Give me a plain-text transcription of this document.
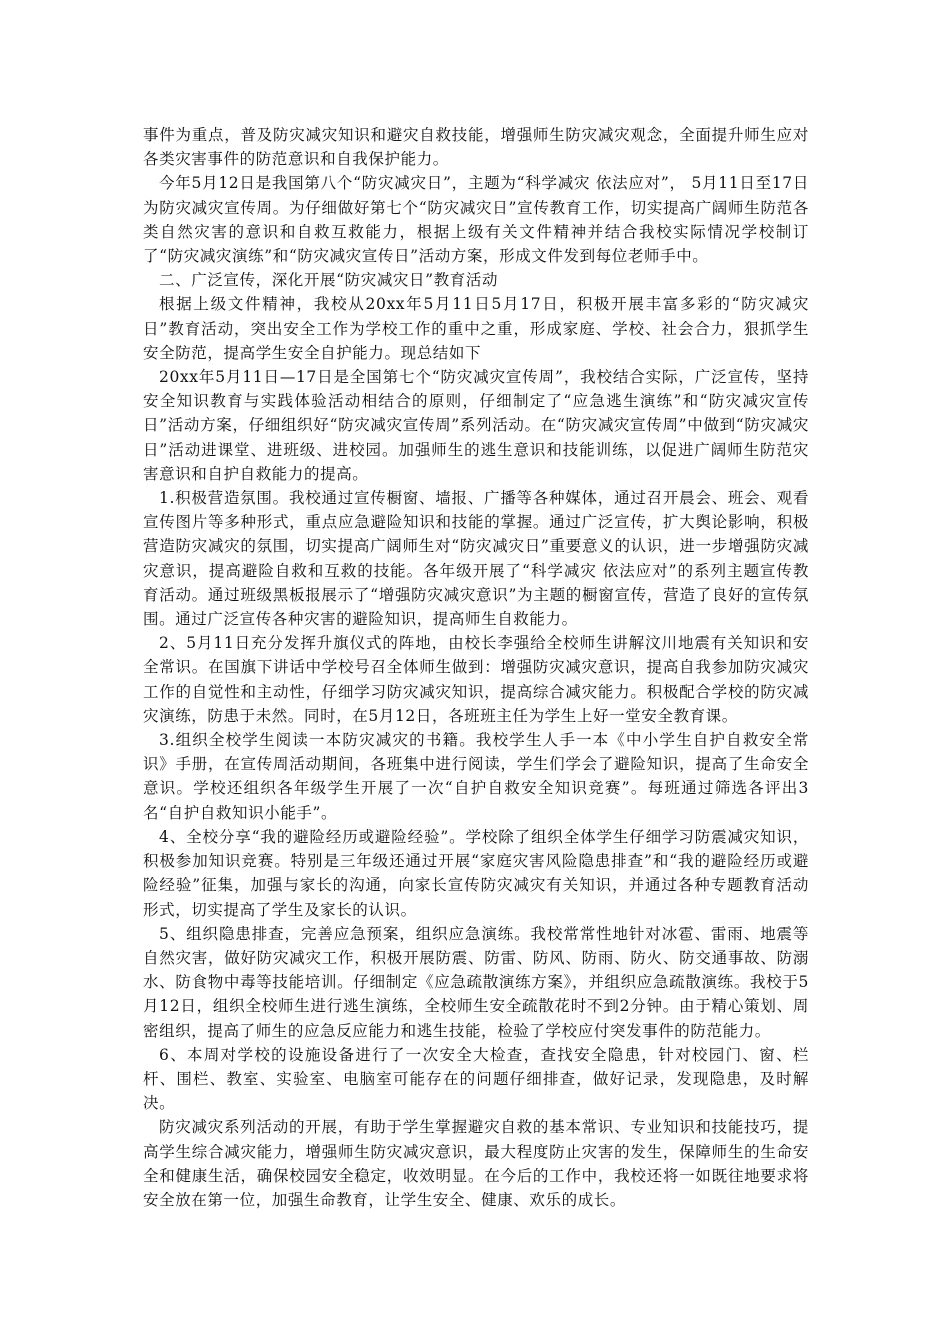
事件为重点，普及防灾减灾知识和避灾自救技能，增强师生防灾减灾观念，全面提升师生应对各类灾害事件的防范意识和自我保护能力。

今年5月12日是我国第八个“防灾减灾日”，主题为“科学减灾 依法应对”， 5月11日至17日为防灾减灾宣传周。为仔细做好第七个“防灾减灾日”宣传教育工作，切实提高广阔师生防范各类自然灾害的意识和自救互救能力，根据上级有关文件精神并结合我校实际情况学校制订了“防灾减灾演练”和“防灾减灾宣传日”活动方案，形成文件发到每位老师手中。

二、广泛宣传，深化开展“防灾减灾日”教育活动

根据上级文件精神，我校从20xx年5月11日5月17日，积极开展丰富多彩的“防灾减灾日”教育活动，突出安全工作为学校工作的重中之重，形成家庭、学校、社会合力，狠抓学生安全防范，提高学生安全自护能力。现总结如下

20xx年5月11日—17日是全国第七个“防灾减灾宣传周”，我校结合实际，广泛宣传，坚持安全知识教育与实践体验活动相结合的原则，仔细制定了“应急逃生演练”和“防灾减灾宣传日”活动方案，仔细组织好“防灾减灾宣传周”系列活动。在“防灾减灾宣传周”中做到“防灾减灾日”活动进课堂、进班级、进校园。加强师生的逃生意识和技能训练，以促进广阔师生防范灾害意识和自护自救能力的提高。

1.积极营造氛围。我校通过宣传橱窗、墙报、广播等各种媒体，通过召开晨会、班会、观看宣传图片等多种形式，重点应急避险知识和技能的掌握。通过广泛宣传，扩大舆论影响，积极营造防灾减灾的氛围，切实提高广阔师生对“防灾减灾日”重要意义的认识，进一步增强防灾减灾意识，提高避险自救和互救的技能。各年级开展了“科学减灾 依法应对”的系列主题宣传教育活动。通过班级黑板报展示了“增强防灾减灾意识”为主题的橱窗宣传，营造了良好的宣传氛围。通过广泛宣传各种灾害的避险知识，提高师生自救能力。

2、5月11日充分发挥升旗仪式的阵地，由校长李强给全校师生讲解汶川地震有关知识和安全常识。在国旗下讲话中学校号召全体师生做到：增强防灾减灾意识，提高自我参加防灾减灾工作的自觉性和主动性，仔细学习防灾减灾知识，提高综合减灾能力。积极配合学校的防灾减灾演练，防患于未然。同时，在5月12日，各班班主任为学生上好一堂安全教育课。

3.组织全校学生阅读一本防灾减灾的书籍。我校学生人手一本《中小学生自护自救安全常识》手册，在宣传周活动期间，各班集中进行阅读，学生们学会了避险知识，提高了生命安全意识。学校还组织各年级学生开展了一次“自护自救安全知识竞赛”。每班通过筛选各评出3名“自护自救知识小能手”。

4、全校分享“我的避险经历或避险经验”。学校除了组织全体学生仔细学习防震减灾知识，积极参加知识竞赛。特别是三年级还通过开展“家庭灾害风险隐患排查”和“我的避险经历或避险经验”征集，加强与家长的沟通，向家长宣传防灾减灾有关知识，并通过各种专题教育活动形式，切实提高了学生及家长的认识。

5、组织隐患排查，完善应急预案，组织应急演练。我校常常性地针对冰雹、雷雨、地震等自然灾害，做好防灾减灾工作，积极开展防震、防雷、防风、防雨、防火、防交通事故、防溺水、防食物中毒等技能培训。仔细制定《应急疏散演练方案》，并组织应急疏散演练。我校于5月12日，组织全校师生进行逃生演练，全校师生安全疏散花时不到2分钟。由于精心策划、周密组织，提高了师生的应急反应能力和逃生技能，检验了学校应付突发事件的防范能力。

6、本周对学校的设施设备进行了一次安全大检查，查找安全隐患，针对校园门、窗、栏杆、围栏、教室、实验室、电脑室可能存在的问题仔细排查，做好记录，发现隐患，及时解决。

防灾减灾系列活动的开展，有助于学生掌握避灾自救的基本常识、专业知识和技能技巧，提高学生综合减灾能力，增强师生防灾减灾意识，最大程度防止灾害的发生，保障师生的生命安全和健康生活，确保校园安全稳定，收效明显。在今后的工作中，我校还将一如既往地要求将安全放在第一位，加强生命教育，让学生安全、健康、欢乐的成长。
